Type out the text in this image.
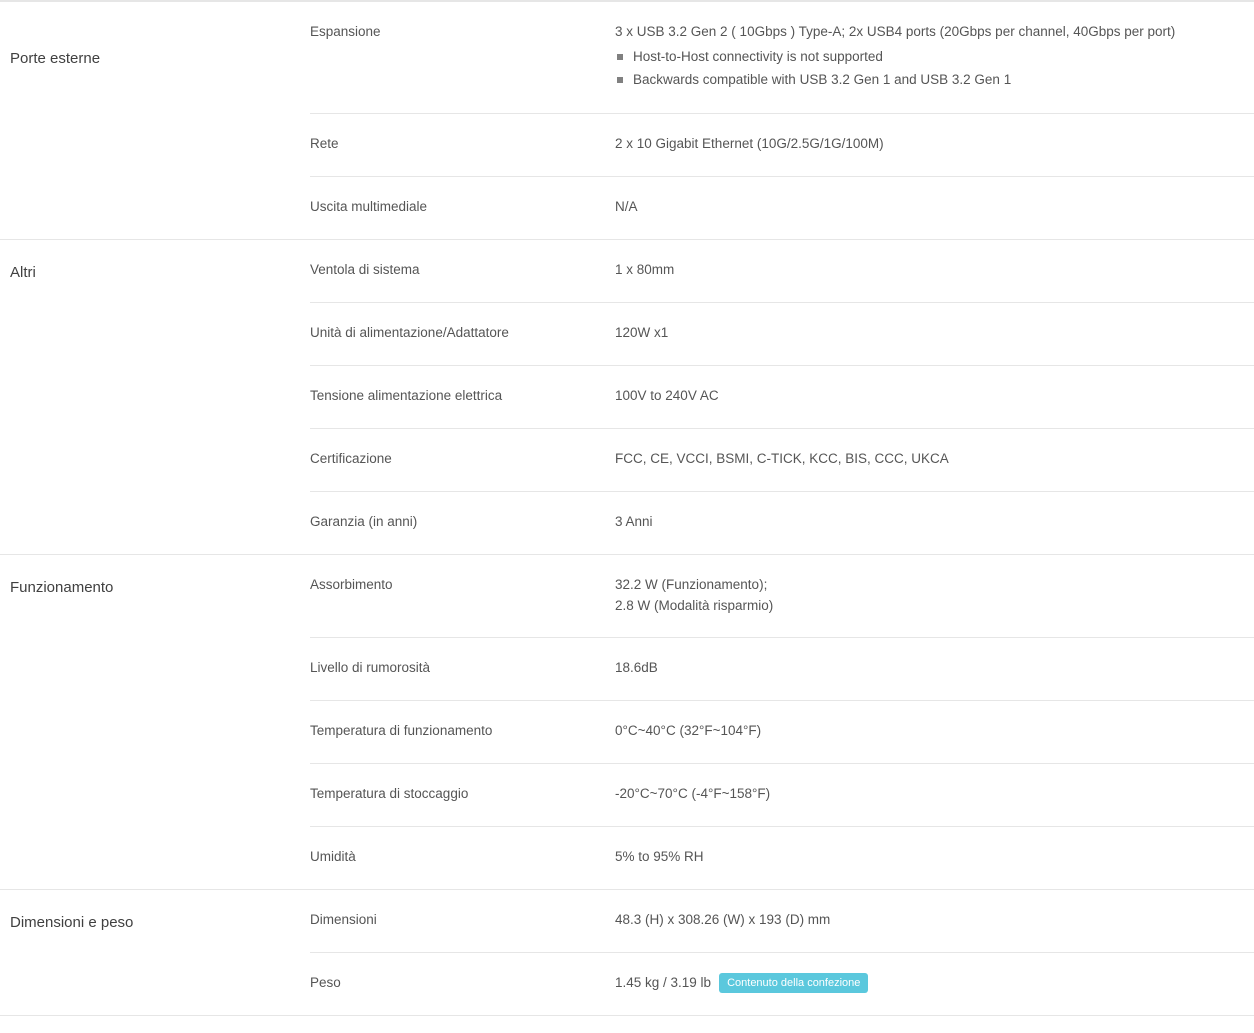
Porte esterne
Espansione	3 x USB 3.2 Gen 2 ( 10Gbps ) Type-A; 2x USB4 ports (20Gbps per channel, 40Gbps per port)
Host-to-Host connectivity is not supported
Backwards compatible with USB 3.2 Gen 1 and USB 3.2 Gen 1
Rete	2 x 10 Gigabit Ethernet (10G/2.5G/1G/100M)
Uscita multimediale	N/A
Altri	Ventola di sistema	1 x 80mm
Unità di alimentazione/Adattatore	120W x1
Tensione alimentazione elettrica	100V to 240V AC
Certificazione	FCC, CE, VCCI, BSMI, C-TICK, KCC, BIS, CCC, UKCA
Garanzia (in anni)	3 Anni
Funzionamento	Assorbimento	32.2 W (Funzionamento);
2.8 W (Modalità risparmio)
Livello di rumorosità	18.6dB
Temperatura di funzionamento	0°C~40°C (32°F~104°F)
Temperatura di stoccaggio	-20°C~70°C (-4°F~158°F)
Umidità	5% to 95% RH
Dimensioni e peso	Dimensioni	48.3 (H) x 308.26 (W) x 193 (D) mm
Peso	1.45 kg / 3.19 lb	Contenuto della confezione
